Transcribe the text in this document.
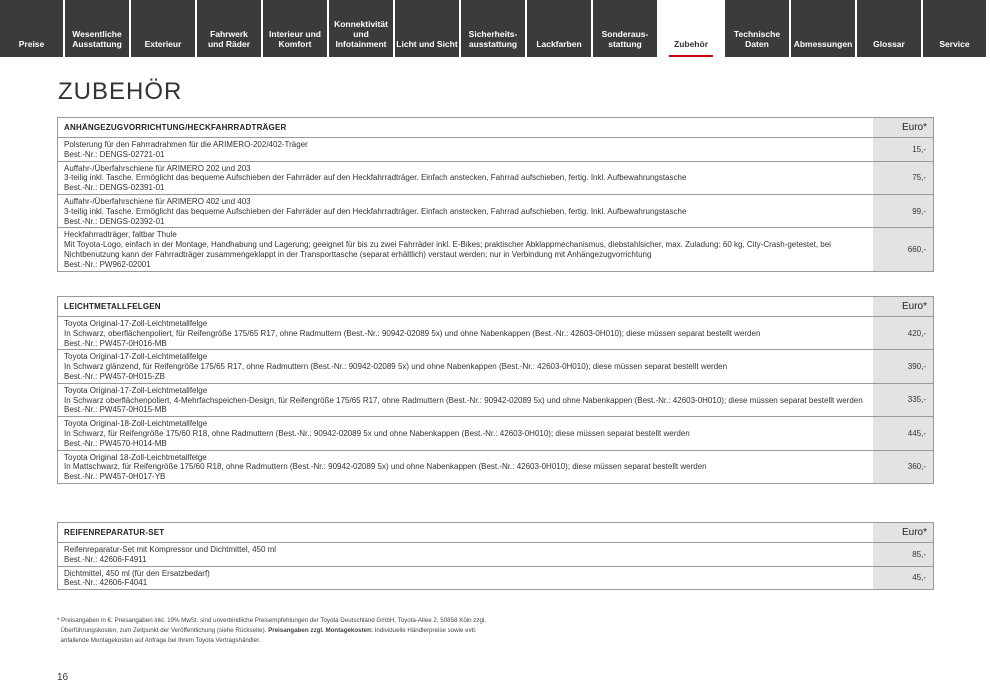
Preise
Wesentliche
Ausstattung	Exterieur
Fahrwerk
und Räder
Interieur und
Komfort
Konnektivität
und
Infotainment	Licht und Sicht
Sicherheits-
ausstattung	Lackfarben
Sonderaus-
stattung	Zubehör
Technische
Daten	Abmessungen	Glossar	Service
ZUBEHÖR
ANHÄNGEZUGVORRICHTUNG/HECKFAHRRADTRÄGER	Euro*
Polsterung für den Fahrradrahmen für die ARIMERO-202/402-Träger
Best.-Nr.: DENGS-02721-01
15,-
Auffahr-/Überfahrschiene für ARIMERO 202 und 203
3-teilig inkl. Tasche. Ermöglicht das bequeme Aufschieben der Fahrräder auf den Heckfahrradträger. Einfach anstecken, Fahrrad aufschieben, fertig. Inkl. Aufbewahrungstasche
Best.-Nr.: DENGS-02391-01
75,-
Auffahr-/Überfahrschiene für ARIMERO 402 und 403
3-teilig inkl. Tasche. Ermöglicht das bequeme Aufschieben der Fahrräder auf den Heckfahrradträger. Einfach anstecken, Fahrrad aufschieben, fertig. Inkl. Aufbewahrungstasche
Best.-Nr.: DENGS-02392-01
99,-
Heckfahrradträger, faltbar Thule
Mit Toyota-Logo, einfach in der Montage, Handhabung und Lagerung; geeignet für bis zu zwei Fahrräder inkl. E-Bikes; praktischer Abklappmechanismus, diebstahlsicher, max. Zuladung: 60 kg, City-Crash-getestet, bei Nichtbenutzung kann der Fahrradträger zusammengeklappt in der Transporttasche (separat erhältlich) verstaut werden; nur in Verbindung mit Anhängezugvorrichtung
Best.-Nr.: PW962-02001
660,-
LEICHTMETALLFELGEN	Euro*
Toyota Original-17-Zoll-Leichtmetallfelge
In Schwarz, oberflächenpoliert, für Reifengröße 175/65 R17, ohne Radmuttern (Best.-Nr.: 90942-02089 5x) und ohne Nabenkappen (Best.-Nr.: 42603-0H010); diese müssen separat bestellt werden
Best.-Nr.: PW457-0H016-MB
420,-
Toyota Original-17-Zoll-Leichtmetallfelge
In Schwarz glänzend, für Reifengröße 175/65 R17, ohne Radmuttern (Best.-Nr.: 90942-02089 5x) und ohne Nabenkappen (Best.-Nr.: 42603-0H010); diese müssen separat bestellt werden
Best.-Nr.: PW457-0H015-ZB
390,-
Toyota Original-17-Zoll-Leichtmetallfelge
In Schwarz oberflächenpoliert, 4-Mehrfachspeichen-Design, für Reifengröße 175/65 R17, ohne Radmuttern (Best.-Nr.: 90942-02089 5x) und ohne Nabenkappen (Best.-Nr.: 42603-0H010); diese müssen separat bestellt werden
Best.-Nr.: PW457-0H015-MB
335,-
Toyota Original-18-Zoll-Leichtmetallfelge
In Schwarz, für Reifengröße 175/60 R18, ohne Radmuttern (Best.-Nr.: 90942-02089 5x und ohne Nabenkappen (Best.-Nr.: 42603-0H010); diese müssen separat bestellt werden
Best.-Nr.: PW4570-H014-MB
445,-
Toyota Original 18-Zoll-Leichtmetallfelge
In Mattschwarz, für Reifengröße 175/60 R18, ohne Radmuttern (Best.-Nr.: 90942-02089 5x) und ohne Nabenkappen (Best.-Nr.: 42603-0H010); diese müssen separat bestellt werden
Best.-Nr.: PW457-0H017-YB
360,-
REIFENREPARATUR-SET	Euro*
Reifenreparatur-Set mit Kompressor und Dichtmittel, 450 ml
Best.-Nr.: 42606-F4911
85,-
Dichtmittel, 450 ml (für den Ersatzbedarf)
Best.-Nr.: 42606-F4041
45,-
* Preisangaben in €. Preisangaben inkl. 19% MwSt. sind unverbindliche Preisempfehlungen der Toyota Deutschland GmbH, Toyota-Allee 2, 50858 Köln zzgl.
Überführungskosten, zum Zeitpunkt der Veröffentlichung (siehe Rückseite). Preisangaben zzgl. Montagekosten: Individuelle Händlerpreise sowie evtl.
anfallende Montagekosten auf Anfrage bei Ihrem Toyota Vertragshändler.
16
